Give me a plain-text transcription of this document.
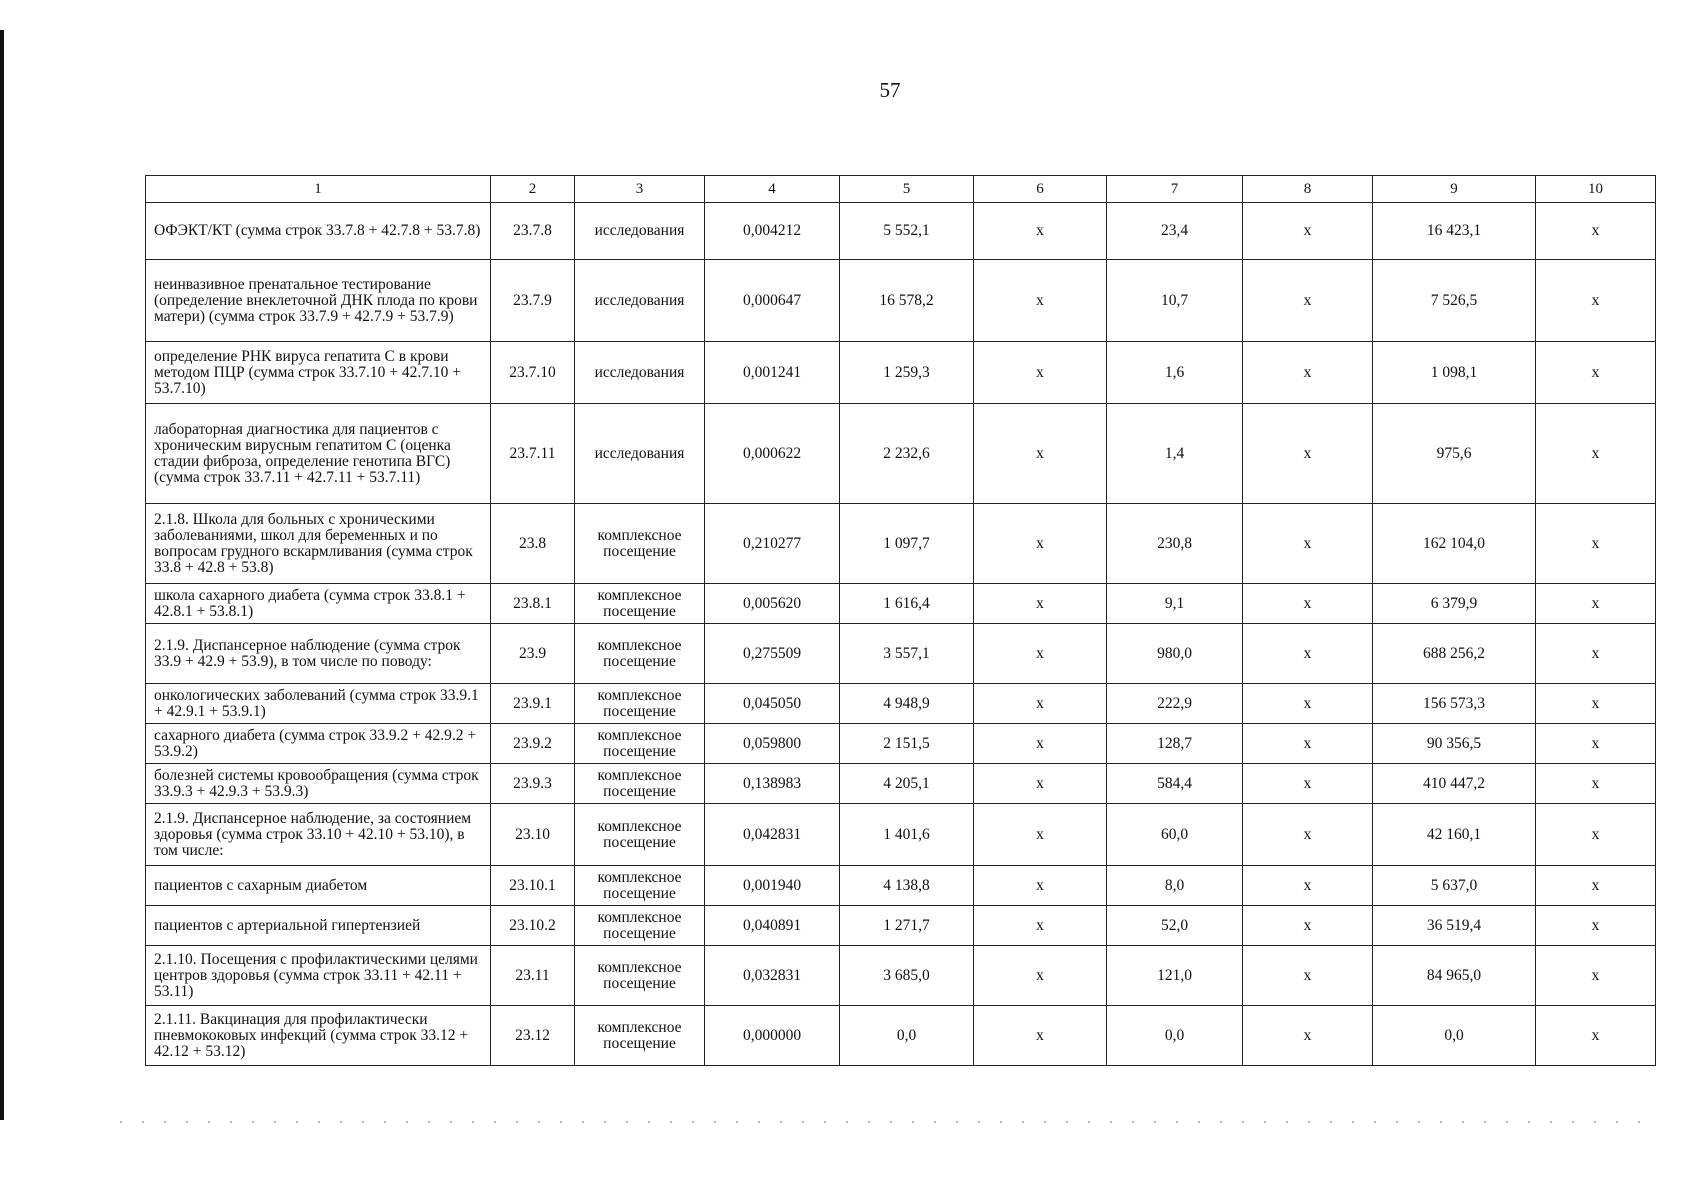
57
1	2	3	4	5	6	7	8	9	10
ОФЭКТ/КТ (сумма строк 33.7.8 + 42.7.8 + 53.7.8)	23.7.8	исследования	0,004212	5 552,1	x	23,4	x	16 423,1	x
неинвазивное пренатальное тестирование (определение внеклеточной ДНК плода по крови матери) (сумма строк 33.7.9 + 42.7.9 + 53.7.9)	23.7.9	исследования	0,000647	16 578,2	x	10,7	x	7 526,5	x
определение РНК вируса гепатита С в крови методом ПЦР (сумма строк 33.7.10 + 42.7.10 + 53.7.10)	23.7.10	исследования	0,001241	1 259,3	x	1,6	x	1 098,1	x
лабораторная диагностика для пациентов с хроническим вирусным гепатитом С (оценка стадии фиброза, определение генотипа ВГС) (сумма строк 33.7.11 + 42.7.11 + 53.7.11)	23.7.11	исследования	0,000622	2 232,6	x	1,4	x	975,6	x
2.1.8. Школа для больных с хроническими заболеваниями, школ для беременных и по вопросам грудного вскармливания (сумма строк 33.8 + 42.8 + 53.8)	23.8	комплексное посещение	0,210277	1 097,7	x	230,8	x	162 104,0	x
школа сахарного диабета (сумма строк 33.8.1 + 42.8.1 + 53.8.1)	23.8.1	комплексное посещение	0,005620	1 616,4	x	9,1	x	6 379,9	x
2.1.9. Диспансерное наблюдение (сумма строк 33.9 + 42.9 + 53.9), в том числе по поводу:	23.9	комплексное посещение	0,275509	3 557,1	x	980,0	x	688 256,2	x
онкологических заболеваний (сумма строк 33.9.1 + 42.9.1 + 53.9.1)	23.9.1	комплексное посещение	0,045050	4 948,9	x	222,9	x	156 573,3	x
сахарного диабета (сумма строк 33.9.2 + 42.9.2 + 53.9.2)	23.9.2	комплексное посещение	0,059800	2 151,5	x	128,7	x	90 356,5	x
болезней системы кровообращения (сумма строк 33.9.3 + 42.9.3 + 53.9.3)	23.9.3	комплексное посещение	0,138983	4 205,1	x	584,4	x	410 447,2	x
2.1.9. Диспансерное наблюдение, за состоянием здоровья (сумма строк 33.10 + 42.10 + 53.10), в том числе:	23.10	комплексное посещение	0,042831	1 401,6	x	60,0	x	42 160,1	x
пациентов с сахарным диабетом	23.10.1	комплексное посещение	0,001940	4 138,8	x	8,0	x	5 637,0	x
пациентов с артериальной гипертензией	23.10.2	комплексное посещение	0,040891	1 271,7	x	52,0	x	36 519,4	x
2.1.10. Посещения с профилактическими целями центров здоровья (сумма строк 33.11 + 42.11 + 53.11)	23.11	комплексное посещение	0,032831	3 685,0	x	121,0	x	84 965,0	x
2.1.11. Вакцинация для профилактически пневмококовых инфекций (сумма строк 33.12 + 42.12 + 53.12)	23.12	комплексное посещение	0,000000	0,0	x	0,0	x	0,0	x
